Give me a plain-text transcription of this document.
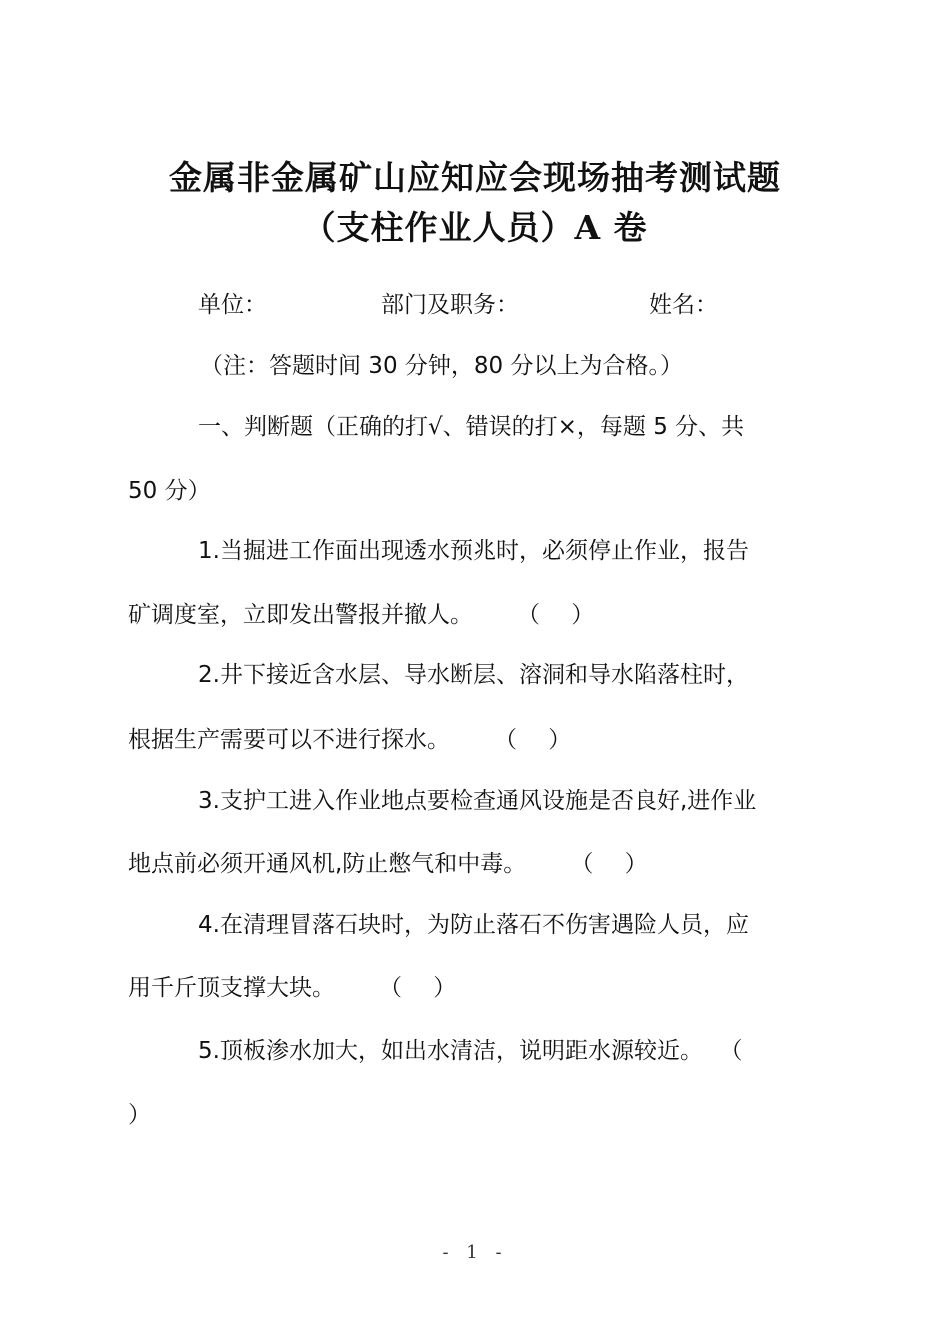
金属非金属矿山应知应会现场抽考测试题
（支柱作业人员）A 卷
单位：	部门及职务：	姓名：
（注：答题时间 30 分钟，80 分以上为合格。）
一、判断题（正确的打√、错误的打×，每题 5 分、共
50 分）
1.当掘进工作面出现透水预兆时，必须停止作业，报告
矿调度室，立即发出警报并撤人。 （ ）
2.井下接近含水层、导水断层、溶洞和导水陷落柱时，
根据生产需要可以不进行探水。 （ ）
3.支护工进入作业地点要检查通风设施是否良好,进作业
地点前必须开通风机,防止憋气和中毒。 （ ）
4.在清理冒落石块时，为防止落石不伤害遇险人员，应
用千斤顶支撑大块。 （ ）
5.顶板渗水加大，如出水清洁，说明距水源较近。 （
）
- 1 -
